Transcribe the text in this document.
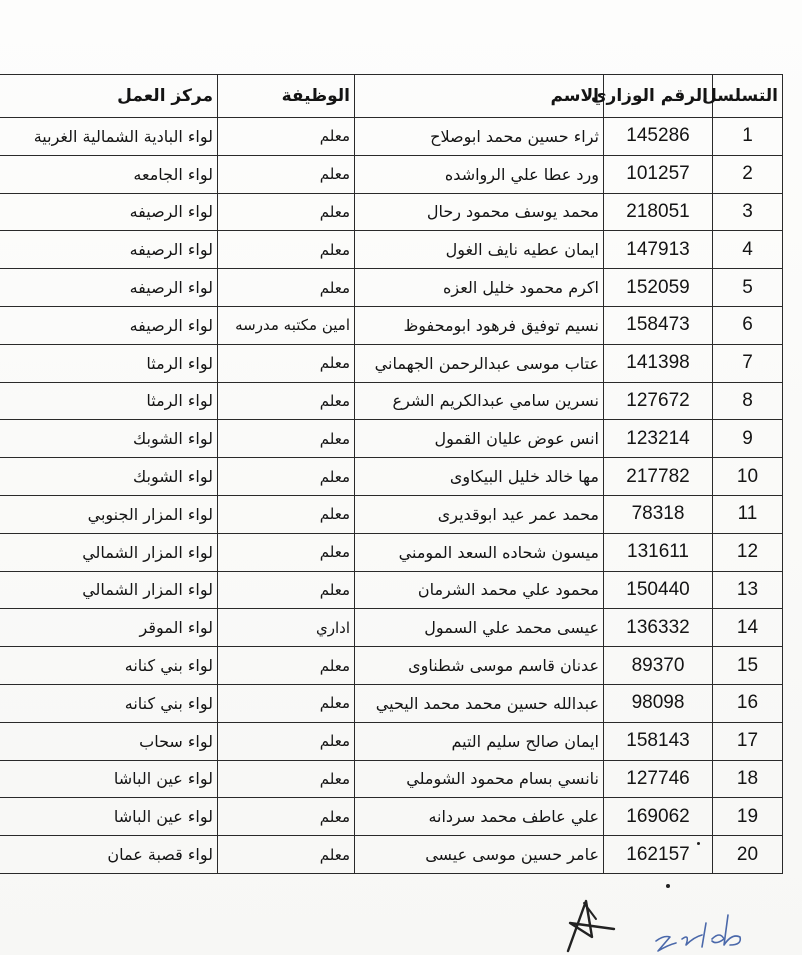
التسلسل	الرقم الوزاري	الاسم	الوظيفة	مركز العمل
1	145286	ثراء حسين محمد ابوصلاح	معلم	لواء البادية الشمالية الغربية
2	101257	ورد عطا علي الرواشده	معلم	لواء الجامعه
3	218051	محمد يوسف محمود رحال	معلم	لواء الرصيفه
4	147913	ايمان عطيه نايف الغول	معلم	لواء الرصيفه
5	152059	اكرم محمود خليل العزه	معلم	لواء الرصيفه
6	158473	نسيم توفيق فرهود ابومحفوظ	امين مكتبه مدرسه	لواء الرصيفه
7	141398	عتاب موسى عبدالرحمن الجهماني	معلم	لواء الرمثا
8	127672	نسرين سامي عبدالكريم الشرع	معلم	لواء الرمثا
9	123214	انس عوض عليان القمول	معلم	لواء الشوبك
10	217782	مها خالد خليل البيكاوى	معلم	لواء الشوبك
11	78318	محمد عمر عيد ابوقديرى	معلم	لواء المزار الجنوبي
12	131611	ميسون شحاده السعد المومني	معلم	لواء المزار الشمالي
13	150440	محمود علي محمد الشرمان	معلم	لواء المزار الشمالي
14	136332	عيسى محمد علي السمول	اداري	لواء الموقر
15	89370	عدنان قاسم موسى شطناوى	معلم	لواء بني كنانه
16	98098	عبدالله حسين محمد محمد اليحيي	معلم	لواء بني كنانه
17	158143	ايمان صالح سليم التيم	معلم	لواء سحاب
18	127746	نانسي بسام محمود الشوملي	معلم	لواء عين الباشا
19	169062	علي عاطف محمد سردانه	معلم	لواء عين الباشا
20	162157	عامر حسين موسى عيسى	معلم	لواء قصبة عمان
